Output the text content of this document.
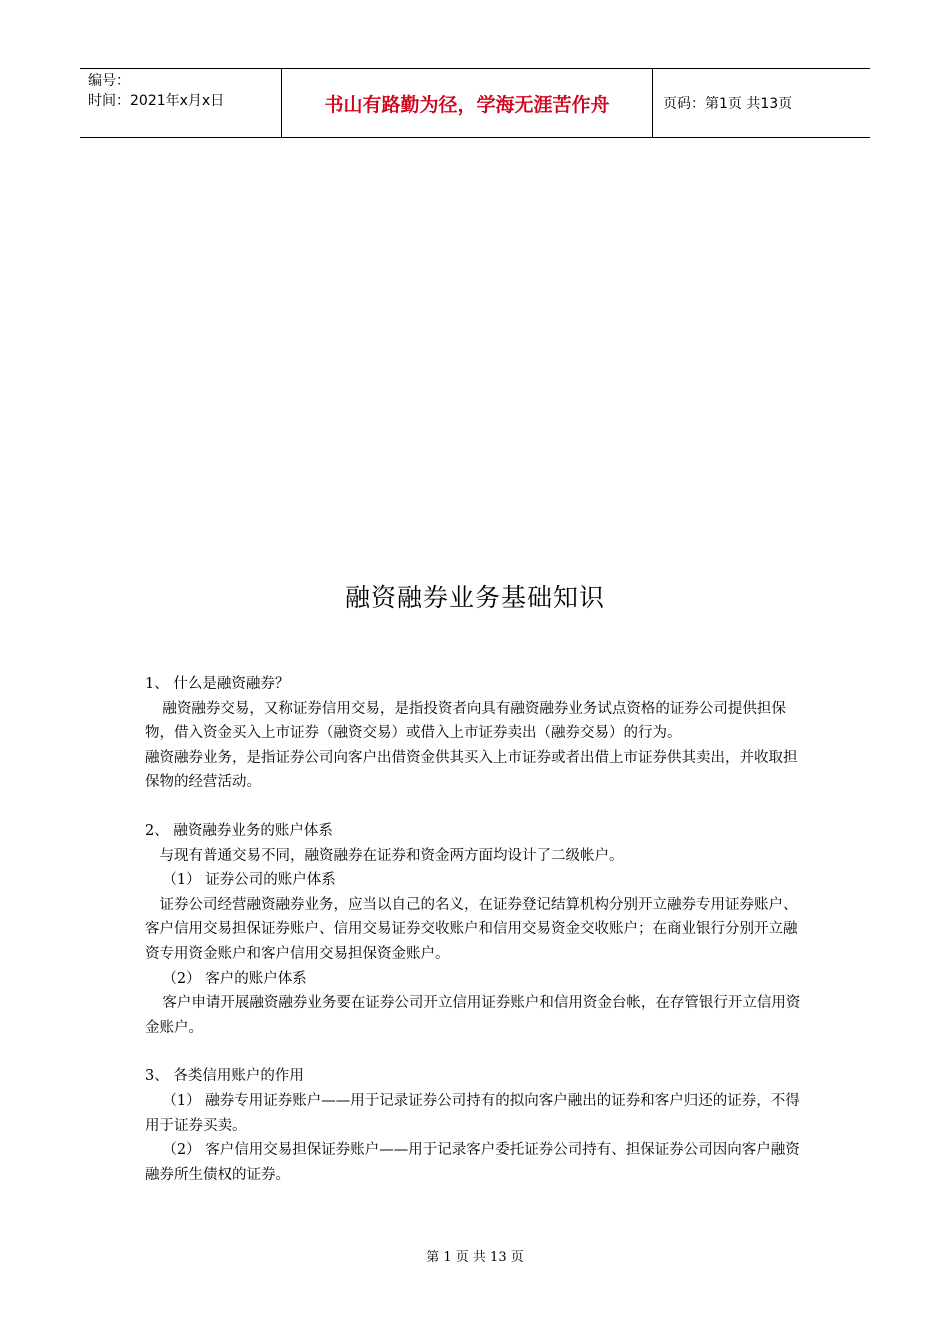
编号：
时间：2021年x月x日	书山有路勤为径，学海无涯苦作舟	页码：第1页 共13页
融资融券业务基础知识

1、 什么是融资融券？

融资融券交易，又称证券信用交易，是指投资者向具有融资融券业务试点资格的证券公司提供担保物，借入资金买入上市证券（融资交易）或借入上市证券卖出（融券交易）的行为。

融资融券业务，是指证券公司向客户出借资金供其买入上市证券或者出借上市证券供其卖出，并收取担保物的经营活动。

2、 融资融券业务的账户体系

与现有普通交易不同，融资融券在证券和资金两方面均设计了二级帐户。

（1） 证券公司的账户体系

证券公司经营融资融券业务，应当以自己的名义，在证券登记结算机构分别开立融券专用证券账户、客户信用交易担保证券账户、信用交易证券交收账户和信用交易资金交收账户；在商业银行分别开立融资专用资金账户和客户信用交易担保资金账户。

（2） 客户的账户体系

客户申请开展融资融券业务要在证券公司开立信用证券账户和信用资金台帐，在存管银行开立信用资金账户。

3、 各类信用账户的作用

（1） 融券专用证券账户——用于记录证券公司持有的拟向客户融出的证券和客户归还的证券，不得用于证券买卖。

（2） 客户信用交易担保证券账户——用于记录客户委托证券公司持有、担保证券公司因向客户融资融券所生债权的证券。

第 1 页 共 13 页
